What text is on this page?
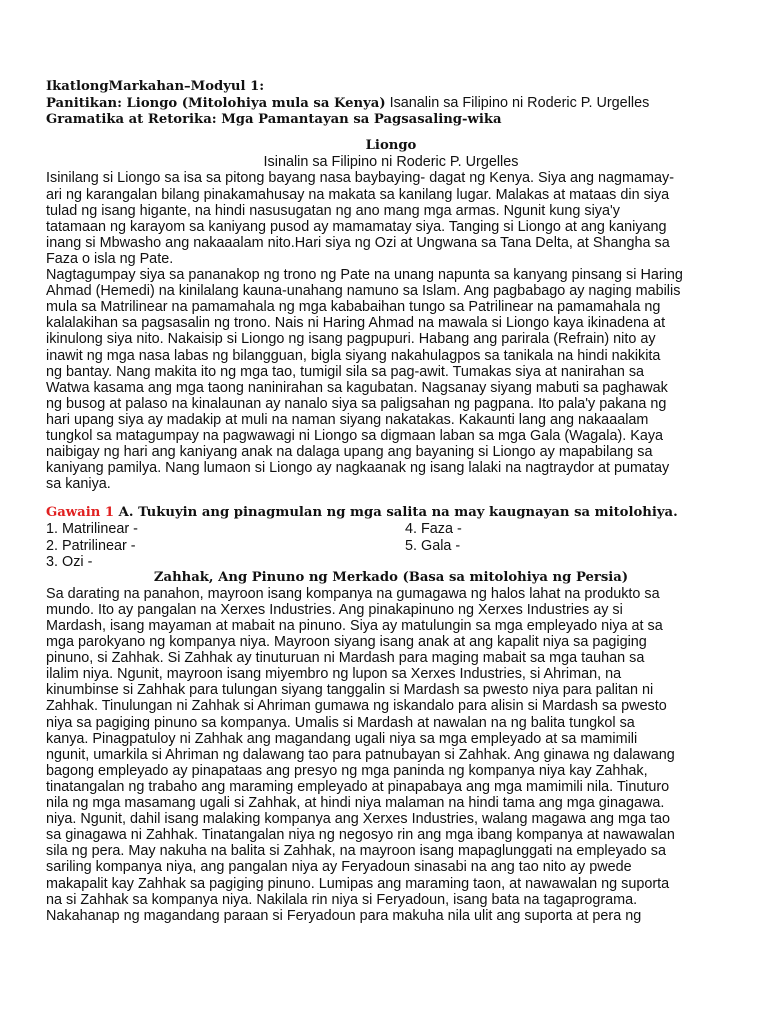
IkatlongMarkahan–Modyul 1:

Panitikan: Liongo (Mitolohiya mula sa Kenya) Isanalin sa Filipino ni Roderic P. Urgelles

Gramatika at Retorika: Mga Pamantayan sa Pagsasaling-wika

Liongo

Isinalin sa Filipino ni Roderic P. Urgelles

Isinilang si Liongo sa isa sa pitong bayang nasa baybaying- dagat ng Kenya. Siya ang nagmamay-
ari ng karangalan bilang pinakamahusay na makata sa kanilang lugar. Malakas at mataas din siya
tulad ng isang higante, na hindi nasusugatan ng ano mang mga armas. Ngunit kung siya'y
tatamaan ng karayom sa kaniyang pusod ay mamamatay siya. Tanging si Liongo at ang kaniyang
inang si Mbwasho ang nakaaalam nito.Hari siya ng Ozi at Ungwana sa Tana Delta, at Shangha sa
Faza o isla ng Pate.
Nagtagumpay siya sa pananakop ng trono ng Pate na unang napunta sa kanyang pinsang si Haring
Ahmad (Hemedi) na kinilalang kauna-unahang namuno sa Islam. Ang pagbabago ay naging mabilis
mula sa Matrilinear na pamamahala ng mga kababaihan tungo sa Patrilinear na pamamahala ng
kalalakihan sa pagsasalin ng trono. Nais ni Haring Ahmad na mawala si Liongo kaya ikinadena at
ikinulong siya nito. Nakaisip si Liongo ng isang pagpupuri. Habang ang parirala (Refrain) nito ay
inawit ng mga nasa labas ng bilangguan, bigla siyang nakahulagpos sa tanikala na hindi nakikita
ng bantay. Nang makita ito ng mga tao, tumigil sila sa pag-awit. Tumakas siya at nanirahan sa
Watwa kasama ang mga taong naninirahan sa kagubatan. Nagsanay siyang mabuti sa paghawak
ng busog at palaso na kinalaunan ay nanalo siya sa paligsahan ng pagpana. Ito pala'y pakana ng
hari upang siya ay madakip at muli na naman siyang nakatakas. Kakaunti lang ang nakaaalam
tungkol sa matagumpay na pagwawagi ni Liongo sa digmaan laban sa mga Gala (Wagala). Kaya
naibigay ng hari ang kaniyang anak na dalaga upang ang bayaning si Liongo ay mapabilang sa
kaniyang pamilya. Nang lumaon si Liongo ay nagkaanak ng isang lalaki na nagtraydor at pumatay
sa kaniya.

Gawain 1 A. Tukuyin ang pinagmulan ng mga salita na may kaugnayan sa mitolohiya.

1. Matrilinear -
2. Patrilinear -
3. Ozi -
4. Faza -
5. Gala -

Zahhak, Ang Pinuno ng Merkado (Basa sa mitolohiya ng Persia)

Sa darating na panahon, mayroon isang kompanya na gumagawa ng halos lahat na produkto sa
mundo. Ito ay pangalan na Xerxes Industries. Ang pinakapinuno ng Xerxes Industries ay si
Mardash, isang mayaman at mabait na pinuno. Siya ay matulungin sa mga empleyado niya at sa
mga parokyano ng kompanya niya. Mayroon siyang isang anak at ang kapalit niya sa pagiging
pinuno, si Zahhak. Si Zahhak ay tinuturuan ni Mardash para maging mabait sa mga tauhan sa
ilalim niya. Ngunit, mayroon isang miyembro ng lupon sa Xerxes Industries, si Ahriman, na
kinumbinse si Zahhak para tulungan siyang tanggalin si Mardash sa pwesto niya para palitan ni
Zahhak. Tinulungan ni Zahhak si Ahriman gumawa ng iskandalo para alisin si Mardash sa pwesto
niya sa pagiging pinuno sa kompanya. Umalis si Mardash at nawalan na ng balita tungkol sa
kanya. Pinagpatuloy ni Zahhak ang magandang ugali niya sa mga empleyado at sa mamimili
ngunit, umarkila si Ahriman ng dalawang tao para patnubayan si Zahhak. Ang ginawa ng dalawang
bagong empleyado ay pinapataas ang presyo ng mga paninda ng kompanya niya kay Zahhak,
tinatangalan ng trabaho ang maraming empleyado at pinapabaya ang mga mamimili nila. Tinuturo
nila ng mga masamang ugali si Zahhak, at hindi niya malaman na hindi tama ang mga ginagawa.
niya. Ngunit, dahil isang malaking kompanya ang Xerxes Industries, walang magawa ang mga tao
sa ginagawa ni Zahhak. Tinatangalan niya ng negosyo rin ang mga ibang kompanya at nawawalan
sila ng pera. May nakuha na balita si Zahhak, na mayroon isang mapaglunggati na empleyado sa
sariling kompanya niya, ang pangalan niya ay Feryadoun sinasabi na ang tao nito ay pwede
makapalit kay Zahhak sa pagiging pinuno. Lumipas ang maraming taon, at nawawalan ng suporta
na si Zahhak sa kompanya niya. Nakilala rin niya si Feryadoun, isang bata na tagaprograma.
Nakahanap ng magandang paraan si Feryadoun para makuha nila ulit ang suporta at pera ng
